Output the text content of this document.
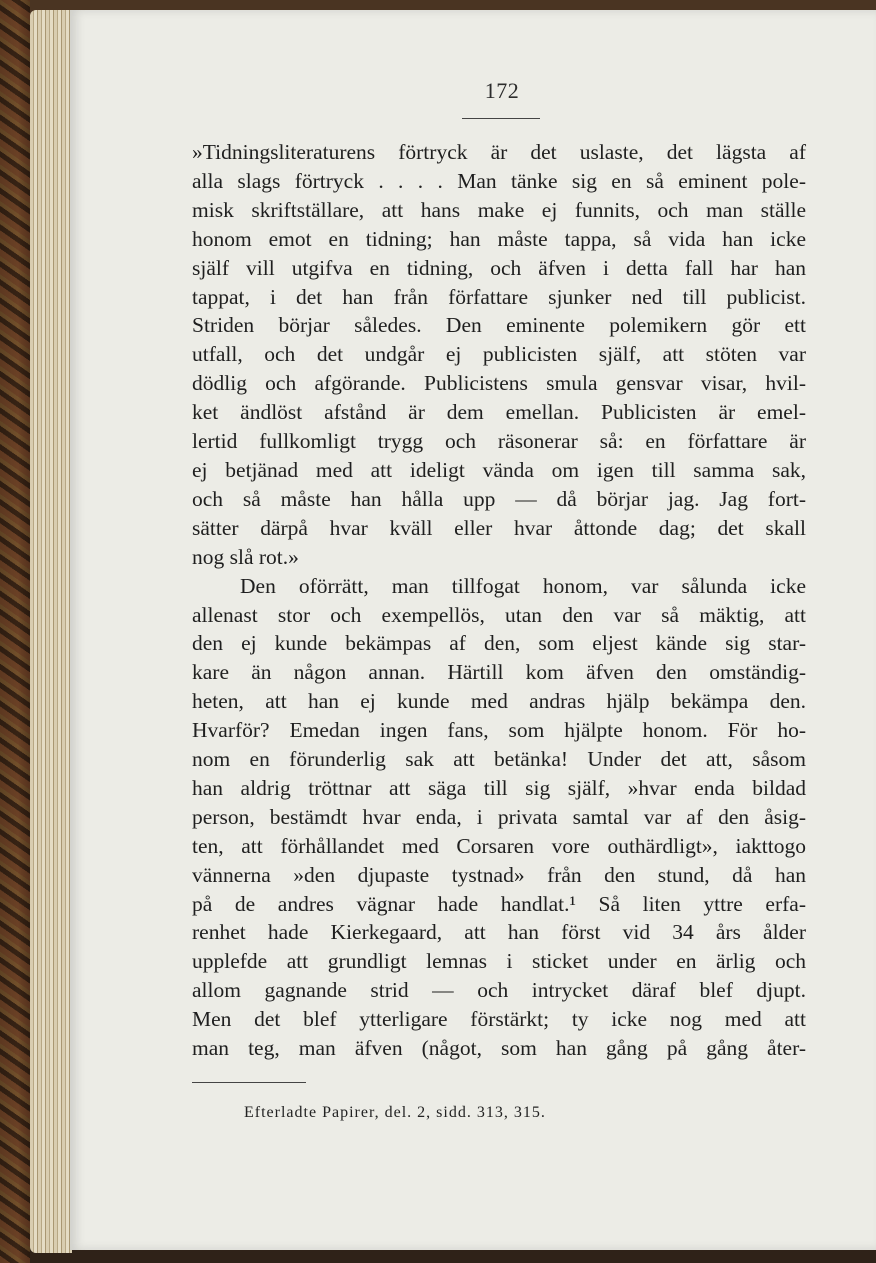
172
»Tidningsliteraturens förtryck är det uslaste, det lägsta af
alla slags förtryck . . . . Man tänke sig en så eminent pole-
misk skriftställare, att hans make ej funnits, och man ställe
honom emot en tidning; han måste tappa, så vida han icke
själf vill utgifva en tidning, och äfven i detta fall har han
tappat, i det han från författare sjunker ned till publicist.
Striden börjar således. Den eminente polemikern gör ett
utfall, och det undgår ej publicisten själf, att stöten var
dödlig och afgörande. Publicistens smula gensvar visar, hvil-
ket ändlöst afstånd är dem emellan. Publicisten är emel-
lertid fullkomligt trygg och räsonerar så: en författare är
ej betjänad med att ideligt vända om igen till samma sak,
och så måste han hålla upp — då börjar jag. Jag fort-
sätter därpå hvar kväll eller hvar åttonde dag; det skall
nog slå rot.»
Den oförrätt, man tillfogat honom, var sålunda icke
allenast stor och exempellös, utan den var så mäktig, att
den ej kunde bekämpas af den, som eljest kände sig star-
kare än någon annan. Härtill kom äfven den omständig-
heten, att han ej kunde med andras hjälp bekämpa den.
Hvarför? Emedan ingen fans, som hjälpte honom. För ho-
nom en förunderlig sak att betänka! Under det att, såsom
han aldrig tröttnar att säga till sig själf, »hvar enda bildad
person, bestämdt hvar enda, i privata samtal var af den åsig-
ten, att förhållandet med Corsaren vore outhärdligt», iakttogo
vännerna »den djupaste tystnad» från den stund, då han
på de andres vägnar hade handlat.¹ Så liten yttre erfa-
renhet hade Kierkegaard, att han först vid 34 års ålder
upplefde att grundligt lemnas i sticket under en ärlig och
allom gagnande strid — och intrycket däraf blef djupt.
Men det blef ytterligare förstärkt; ty icke nog med att
man teg, man äfven (något, som han gång på gång åter-
Efterladte Papirer, del. 2, sidd. 313, 315.
